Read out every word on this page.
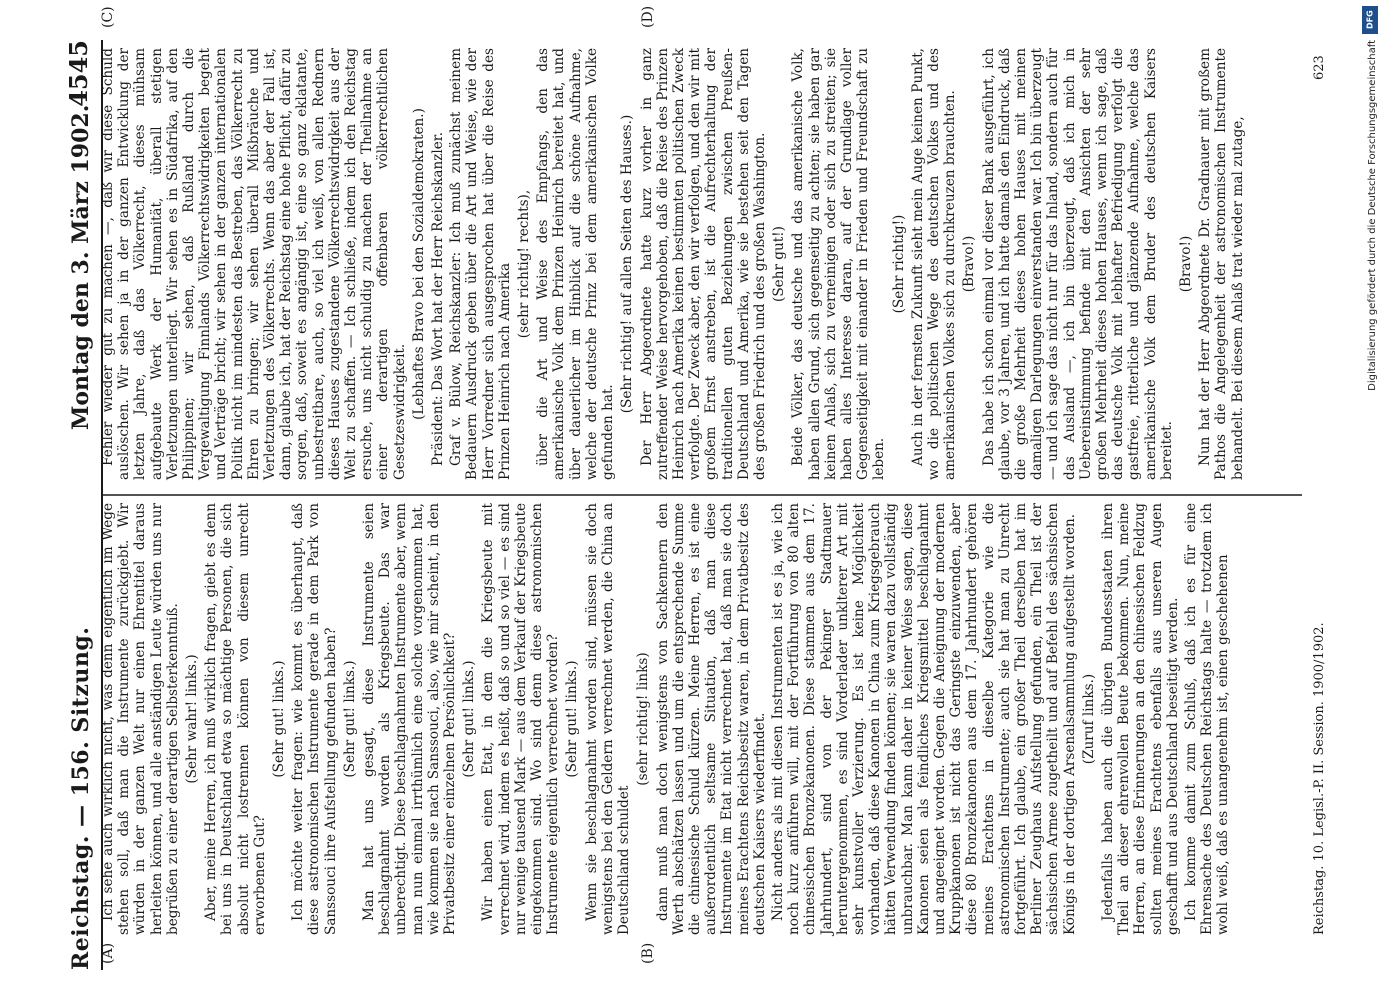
Reichstag. — 156. Sitzung.
Montag den 3. März 1902.
4545
(A)	(B)
(C)	(D)

Ich sehe auch wirklich nicht, was denn eigentlich im Wege stehen soll, daß man die Instrumente zurückgiebt. Wir würden in der ganzen Welt nur einen Ehrentitel daraus herleiten können, und alle anständigen Leute würden uns nur begrüßen zu einer derartigen Selbsterkenntniß. (Sehr wahr! links.) Aber, meine Herren, ich muß wirklich fragen, giebt es denn bei uns in Deutschland etwa so mächtige Personen, die sich absolut nicht lostrennen können von diesem unrecht erworbenen Gut?

(Sehr gut! links.) Ich möchte weiter fragen: wie kommt es überhaupt, daß diese astronomischen Instrumente gerade in dem Park von Sanssouci ihre Aufstellung gefunden haben? (Sehr gut! links.) Man hat uns gesagt, diese Instrumente seien beschlagnahmt worden als Kriegsbeute. Das war unberechtigt. Diese beschlagnahmten Instrumente aber, wenn man nun einmal irrthümlich eine solche vorgenommen hat, wie kommen sie nach Sanssouci, also, wie mir scheint, in den Privatbesitz einer einzelnen Persönlichkeit? (Sehr gut! links.) Wir haben einen Etat, in dem die Kriegsbeute mit verrechnet wird, indem es heißt, daß so und so viel — es sind nur wenige tausend Mark — aus dem Verkauf der Kriegsbeute eingekommen sind. Wo sind denn diese astronomischen Instrumente eigentlich verrechnet worden? (Sehr gut! links.) Wenn sie beschlagnahmt worden sind, müssen sie doch wenigstens bei den Geldern verrechnet werden, die China an Deutschland schuldet

(sehr richtig! links) dann muß man doch wenigstens von Sachkennern den Werth abschätzen lassen und um die entsprechende Summe die chinesische Schuld kürzen. Meine Herren, es ist eine außerordentlich seltsame Situation, daß man diese Instrumente im Etat nicht verrechnet hat, daß man sie doch meines Erachtens Reichsbesitz waren, in dem Privatbesitz des deutschen Kaisers wiederfindet. Nicht anders als mit diesen Instrumenten ist es ja, wie ich noch kurz anführen will, mit der Fortführung von 80 alten chinesischen Bronzekanonen. Diese stammen aus dem 17. Jahrhundert, sind von der Pekinger Stadtmauer heruntergenommen, es sind Vorderlader unklterer Art mit sehr kunstvoller Verzierung. Es ist keine Möglichkeit vorhanden, daß diese Kanonen in China zum Kriegsgebrauch hätten Verwendung finden können; sie waren dazu vollständig unbrauchbar. Man kann daher in keiner Weise sagen, diese Kanonen seien als feindliches Kriegsmittel beschlagnahmt und angeeignet worden. Gegen die Aneignung der modernen Kruppkanonen ist nicht das Geringste einzuwenden, aber diese 80 Bronzekanonen aus dem 17. Jahrhundert gehören meines Erachtens in dieselbe Kategorie wie die astronomischen Instrumente; auch sie hat man zu Unrecht fortgeführt. Ich glaube, ein großer Theil derselben hat im Berliner Zeughaus Aufstellung gefunden, ein Theil ist der sächsischen Armee zugetheilt und auf Befehl des sächsischen Königs in der dortigen Arsenalsammlung aufgestellt worden. (Zuruf links.) Jedenfalls haben auch die übrigen Bundesstaaten ihren Theil an dieser ehrenvollen Beute bekommen. Nun, meine Herren, an diese Erinnerungen an den chinesischen Feldzug sollten meines Erachtens ebenfalls aus unseren Augen geschafft und aus Deutschland beseitigt werden. Ich komme damit zum Schluß, daß ich es für eine Ehrensache des Deutschen Reichstags halte — trotzdem ich wohl weiß, daß es unangenehm ist, einen geschehenen

Fehler wieder gut zu machen —, daß wir diese Schuld auslöschen. Wir sehen ja in der ganzen Entwicklung der letzten Jahre, daß das Völkerrecht, dieses mühsam aufgebaute Werk der Humanität, überall stetigen Verletzungen unterliegt. Wir sehen es in Südafrika, auf den Philippinen; wir sehen, daß Rußland durch die Vergewaltigung Finnlands Völkerrechtswidrigkeiten begeht und Verträge bricht; wir sehen in der ganzen internationalen Politik nicht im mindesten das Bestreben, das Völkerrecht zu Ehren zu bringen; wir sehen überall Mißbräuche und Verletzungen des Völkerrechts. Wenn das aber der Fall ist, dann, glaube ich, hat der Reichstag eine hohe Pflicht, dafür zu sorgen, daß, soweit es angängig ist, eine so ganz eklatante, unbestreitbare, auch, so viel ich weiß, von allen Rednern dieses Hauses zugestandene Völkerrechtswidrigkeit aus der Welt zu schaffen. — Ich schließe, indem ich den Reichstag ersuche, uns nicht schuldig zu machen der Theilnahme an einer derartigen offenbaren völkerrechtlichen Gesetzeswidrigkeit. (Lebhaftes Bravo bei den Sozialdemokraten.) Präsident: Das Wort hat der Herr Reichskanzler. Graf v. Bülow, Reichskanzler: Ich muß zunächst meinem Bedauern Ausdruck geben über die Art und Weise, wie der Herr Vorredner sich ausgesprochen hat über die Reise des Prinzen Heinrich nach Amerika (sehr richtig! rechts), über die Art und Weise des Empfangs, den das amerikanische Volk dem Prinzen Heinrich bereitet hat, und über dauerlicher im Hinblick auf die schöne Aufnahme, welche der deutsche Prinz bei dem amerikanischen Volke gefunden hat.

(Sehr richtig! auf allen Seiten des Hauses.) Der Herr Abgeordnete hatte kurz vorher in ganz zutreffender Weise hervorgehoben, daß die Reise des Prinzen Heinrich nach Amerika keinen bestimmten politischen Zweck verfolgte. Der Zweck aber, den wir verfolgen, und den wir mit großem Ernst anstreben, ist die Aufrechterhaltung der traditionellen guten Beziehungen zwischen Preußen-Deutschland und Amerika, wie sie bestehen seit den Tagen des großen Friedrich und des großen Washington. (Sehr gut!) Beide Völker, das deutsche und das amerikanische Volk, haben allen Grund, sich gegenseitig zu achten; sie haben gar keinen Anlaß, sich zu verneinigen oder sich zu streiten; sie haben alles Interesse daran, auf der Grundlage voller Gegenseitigkeit mit einander in Frieden und Freundschaft zu leben.

(Sehr richtig!) Auch in der fernsten Zukunft sieht mein Auge keinen Punkt, wo die politischen Wege des deutschen Volkes und des amerikanischen Volkes sich zu durchkreuzen brauchten. (Bravo!) Das habe ich schon einmal vor dieser Bank ausgeführt, ich glaube, vor 3 Jahren, und ich hatte damals den Eindruck, daß die große Mehrheit dieses hohen Hauses mit meinen damaligen Darlegungen einverstanden war. Ich bin überzeugt — und ich sage das nicht nur für das Inland, sondern auch für das Ausland —, ich bin überzeugt, daß ich mich in Uebereinstimmung befinde mit den Ansichten der sehr großen Mehrheit dieses hohen Hauses, wenn ich sage, daß das deutsche Volk mit lebhafter Befriedigung verfolgt die gastfreie, ritterliche und glänzende Aufnahme, welche das amerikanische Volk dem Bruder des deutschen Kaisers bereitet.

(Bravo!) Nun hat der Herr Abgeordnete Dr. Gradnauer mit großem Pathos die Angelegenheit der astronomischen Instrumente behandelt. Bei diesem Anlaß trat wieder mal zutage,

Reichstag. 10. Legisl.-P. II. Session. 1900/1902.
623
DFG
Digitalisierung gefördert durch die Deutsche Forschungsgemeinschaft
